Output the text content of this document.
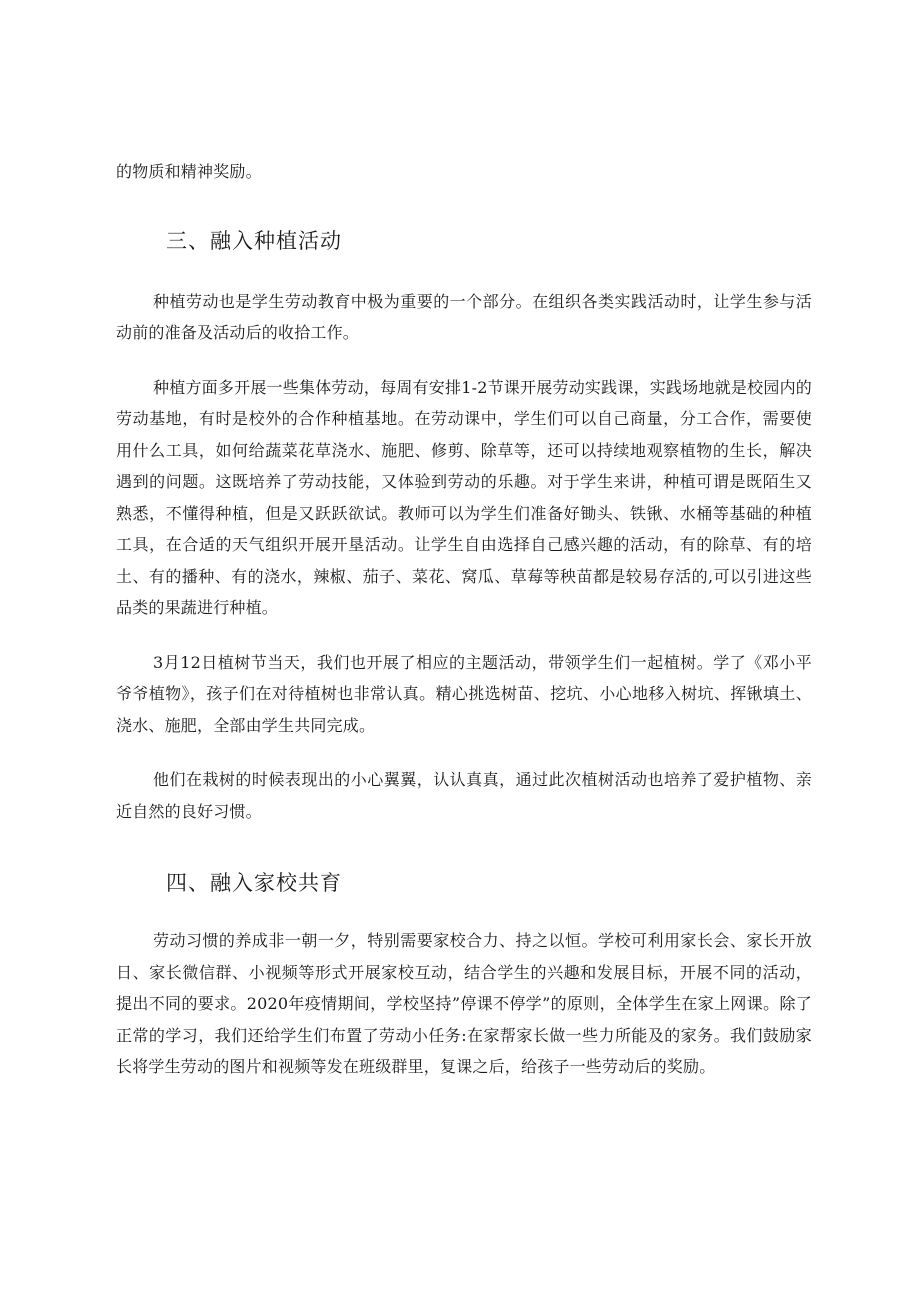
的物质和精神奖励。

三、融入种植活动

种植劳动也是学生劳动教育中极为重要的一个部分。在组织各类实践活动时，让学生参与活动前的准备及活动后的收拾工作。

种植方面多开展一些集体劳动，每周有安排1-2节课开展劳动实践课，实践场地就是校园内的劳动基地，有时是校外的合作种植基地。在劳动课中，学生们可以自己商量，分工合作，需要使用什么工具，如何给蔬菜花草浇水、施肥、修剪、除草等，还可以持续地观察植物的生长，解决遇到的问题。这既培养了劳动技能，又体验到劳动的乐趣。对于学生来讲，种植可谓是既陌生又熟悉，不懂得种植，但是又跃跃欲试。教师可以为学生们准备好锄头、铁锹、水桶等基础的种植工具，在合适的天气组织开展开垦活动。让学生自由选择自己感兴趣的活动，有的除草、有的培土、有的播种、有的浇水，辣椒、茄子、菜花、窝瓜、草莓等秧苗都是较易存活的,可以引进这些品类的果蔬进行种植。

3月12日植树节当天，我们也开展了相应的主题活动，带领学生们一起植树。学了《邓小平爷爷植物》，孩子们在对待植树也非常认真。精心挑选树苗、挖坑、小心地移入树坑、挥锹填土、浇水、施肥，全部由学生共同完成。

他们在栽树的时候表现出的小心翼翼，认认真真，通过此次植树活动也培养了爱护植物、亲近自然的良好习惯。

四、融入家校共育

劳动习惯的养成非一朝一夕，特别需要家校合力、持之以恒。学校可利用家长会、家长开放日、家长微信群、小视频等形式开展家校互动，结合学生的兴趣和发展目标，开展不同的活动，提出不同的要求。2020年疫情期间，学校坚持”停课不停学”的原则，全体学生在家上网课。除了正常的学习，我们还给学生们布置了劳动小任务:在家帮家长做一些力所能及的家务。我们鼓励家长将学生劳动的图片和视频等发在班级群里，复课之后，给孩子一些劳动后的奖励。
